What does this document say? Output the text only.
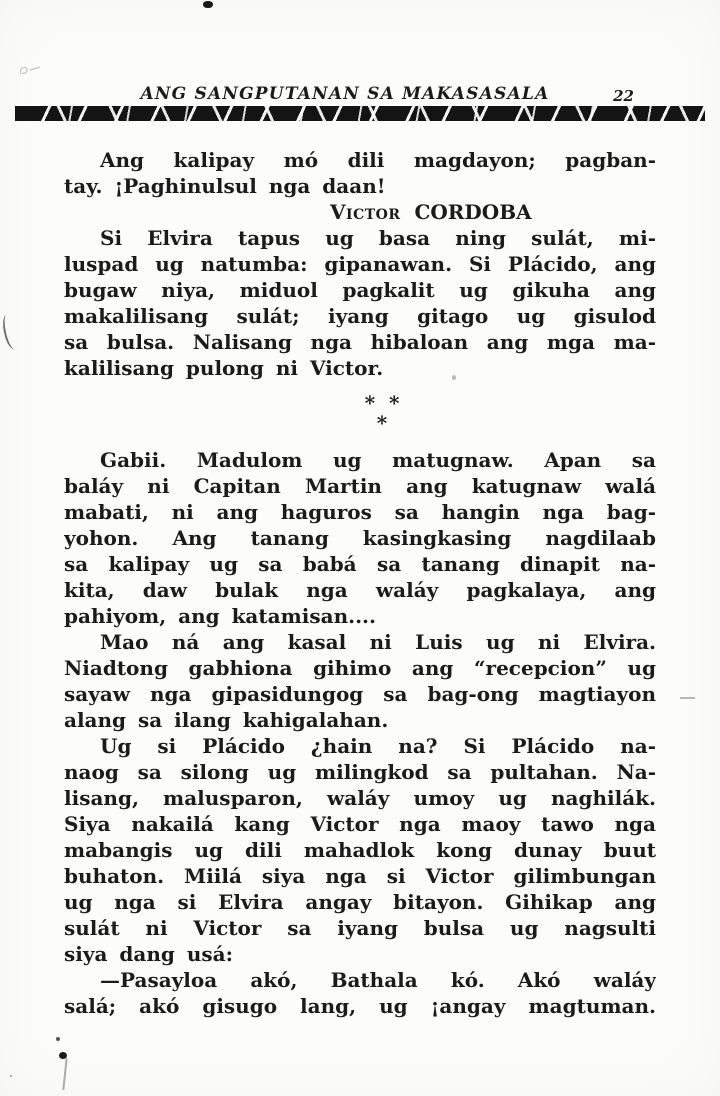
ANG SANGPUTANAN SA MAKASASALA	22
Ang kalipay mó dili magdayon; pagban-
tay. ¡Paghinulsul nga daan!
Victor CORDOBA
Si Elvira tapus ug basa ning sulát, mi-
luspad ug natumba: gipanawan. Si Plácido, ang
bugaw niya, miduol pagkalit ug gikuha ang
makalilisang sulát; iyang gitago ug gisulod
sa bulsa. Nalisang nga hibaloan ang mga ma-
kalilisang pulong ni Victor.
*  *
*
Gabii. Madulom ug matugnaw. Apan sa
baláy ni Capitan Martin ang katugnaw walá
mabati, ni ang haguros sa hangin nga bag-
yohon. Ang tanang kasingkasing nagdilaab
sa kalipay ug sa babá sa tanang dinapit na-
kita, daw bulak nga waláy pagkalaya, ang
pahiyom, ang katamisan....
Mao ná ang kasal ni Luis ug ni Elvira.
Niadtong gabhiona gihimo ang “recepcion” ug
sayaw nga gipasidungog sa bag-ong magtiayon
alang sa ilang kahigalahan.
Ug si Plácido ¿hain na? Si Plácido na-
naog sa silong ug milingkod sa pultahan. Na-
lisang, malusparon, waláy umoy ug naghilák.
Siya nakailá kang Victor nga maoy tawo nga
mabangis ug dili mahadlok kong dunay buut
buhaton. Miilá siya nga si Victor gilimbungan
ug nga si Elvira angay bitayon. Gihikap ang
sulát ni Victor sa iyang bulsa ug nagsulti
siya dang usá:
—Pasayloa akó, Bathala kó. Akó waláy
salá; akó gisugo lang, ug ¡angay magtuman.
